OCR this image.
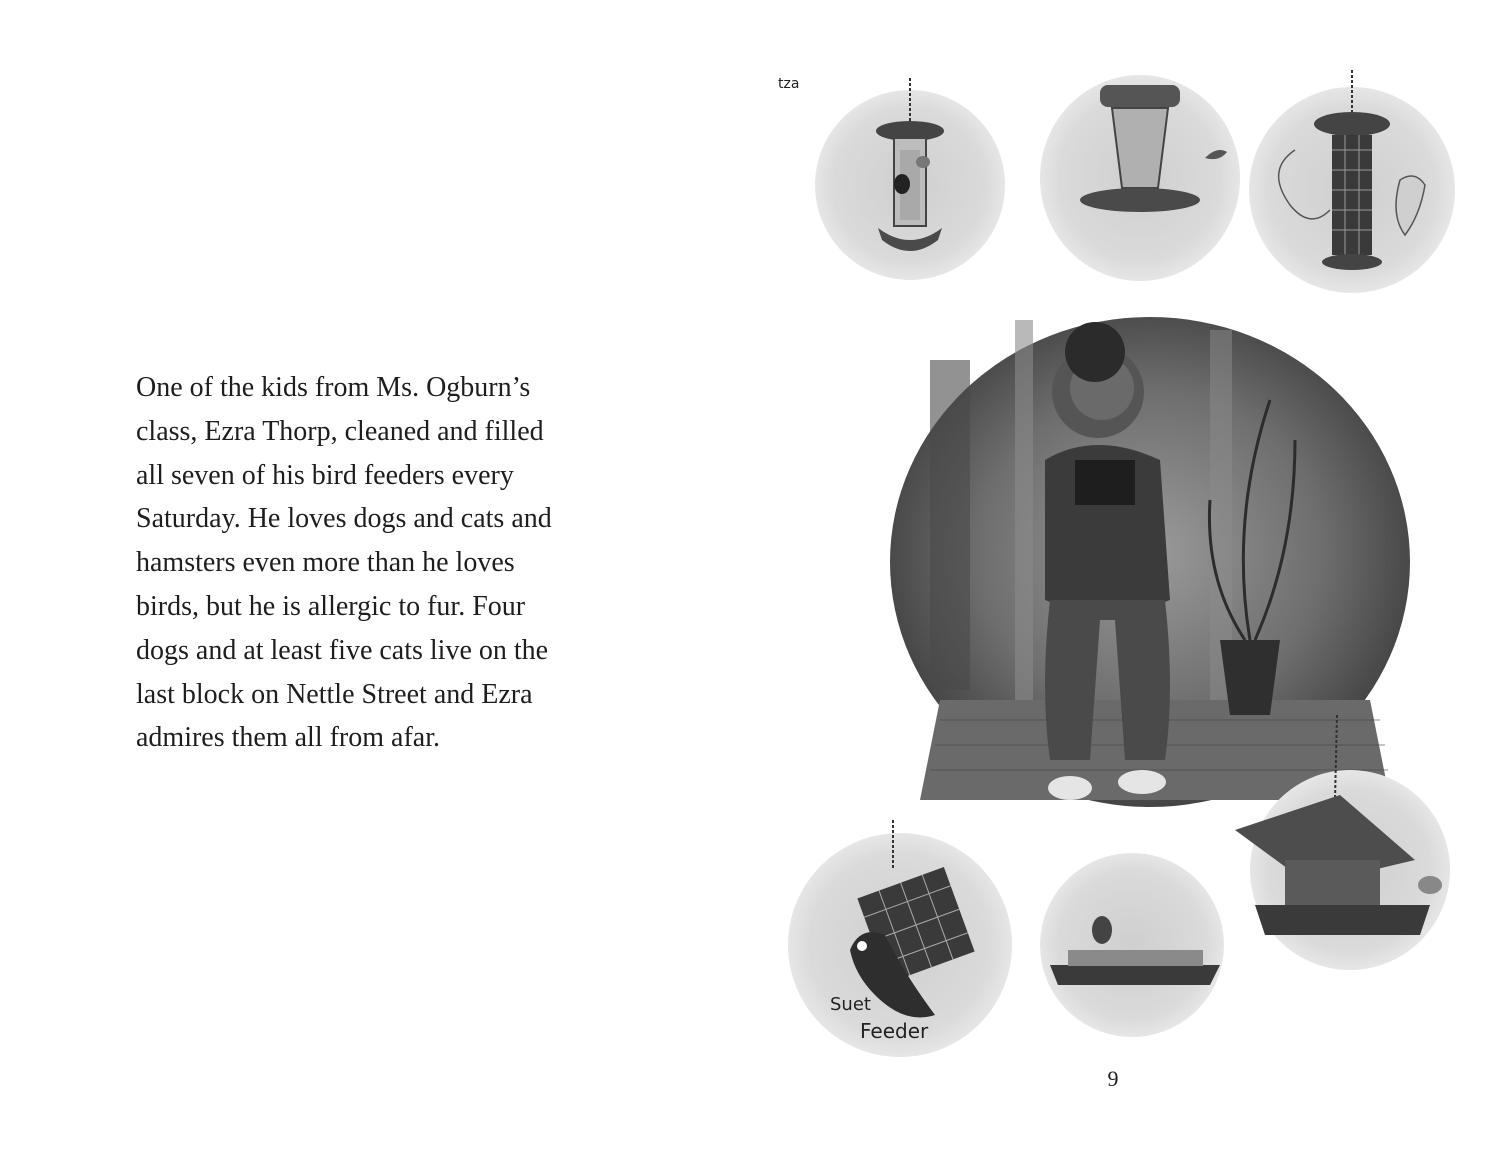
One of the kids from Ms. Ogburn’s
class, Ezra Thorp, cleaned and filled
all seven of his bird feeders every
Saturday. He loves dogs and cats and
hamsters even more than he loves
birds, but he is allergic to fur. Four
dogs and at least five cats live on the
last block on Nettle Street and Ezra
admires them all from afar.

tza
Suet
Feeder
9
